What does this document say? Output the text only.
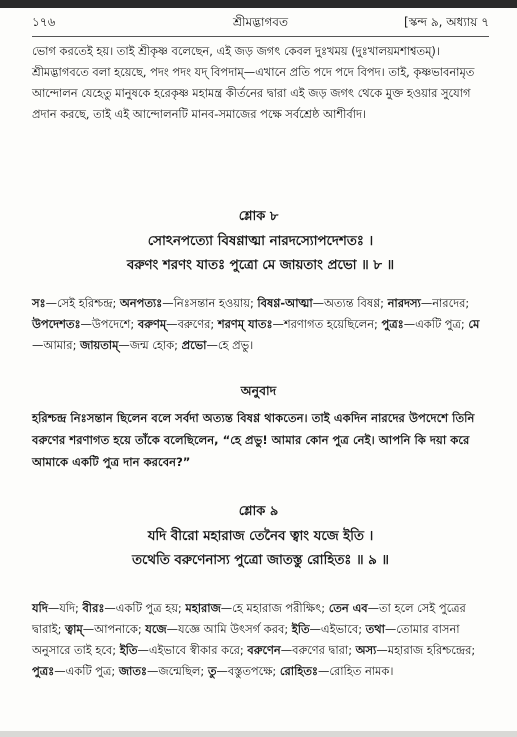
১৭৬	শ্রীমদ্ভাগবত	[স্কন্দ ৯, অধ্যায় ৭

ভোগ করতেই হয়। তাই শ্রীকৃষ্ণ বলেছেন, এই জড় জগৎ কেবল দুঃখময় (দুঃখালয়মশাশ্বতম্)। শ্রীমদ্ভাগবতে বলা হয়েছে, পদং পদং যদ্ বিপদাম্—এখানে প্রতি পদে পদে বিপদ। তাই, কৃষ্ণভাবনামৃত আন্দোলন যেহেতু মানুষকে হরেকৃষ্ণ মহামন্ত্র কীর্তনের দ্বারা এই জড় জগৎ থেকে মুক্ত হওয়ার সুযোগ প্রদান করছে, তাই এই আন্দোলনটি মানব-সমাজের পক্ষে সর্বশ্রেষ্ঠ আশীর্বাদ।

শ্লোক ৮
সোঽনপত্যো বিষণ্ণাত্মা নারদস্যোপদেশতঃ ।
বরুণং শরণং যাতঃ পুত্রো মে জায়তাং প্রভো ॥ ৮ ॥

সঃ—সেই হরিশ্চন্দ্র; অনপত্যঃ—নিঃসন্তান হওয়ায়; বিষণ্ণ-আত্মা—অত্যন্ত বিষণ্ণ; নারদস্য—নারদের; উপদেশতঃ—উপদেশে; বরুণম্—বরুণের; শরণম্ যাতঃ—শরণাগত হয়েছিলেন; পুত্রঃ—একটি পুত্র; মে—আমার; জায়তাম্—জন্ম হোক; প্রভো—হে প্রভু।

অনুবাদ

হরিশ্চন্দ্র নিঃসন্তান ছিলেন বলে সর্বদা অত্যন্ত বিষণ্ণ থাকতেন। তাই একদিন নারদের উপদেশে তিনি বরুণের শরণাগত হয়ে তাঁকে বলেছিলেন, “হে প্রভু! আমার কোন পুত্র নেই। আপনি কি দয়া করে আমাকে একটি পুত্র দান করবেন?”

শ্লোক ৯
যদি বীরো মহারাজ তেনৈব ত্বাং যজে ইতি ।
তথেতি বরুণেনাস্য পুত্রো জাতস্তু রোহিতঃ ॥ ৯ ॥

যদি—যদি; বীরঃ—একটি পুত্র হয়; মহারাজ—হে মহারাজ পরীক্ষিৎ; তেন এব—তা হলে সেই পুত্রের দ্বারাই; ত্বাম্—আপনাকে; যজে—যজ্ঞে আমি উৎসর্গ করব; ইতি—এইভাবে; তথা—তোমার বাসনা অনুসারে তাই হবে; ইতি—এইভাবে স্বীকার করে; বরুণেন—বরুণের দ্বারা; অস্য—মহারাজ হরিশ্চন্দ্রের; পুত্রঃ—একটি পুত্র; জাতঃ—জন্মেছিল; তু—বস্তুতপক্ষে; রোহিতঃ—রোহিত নামক।
